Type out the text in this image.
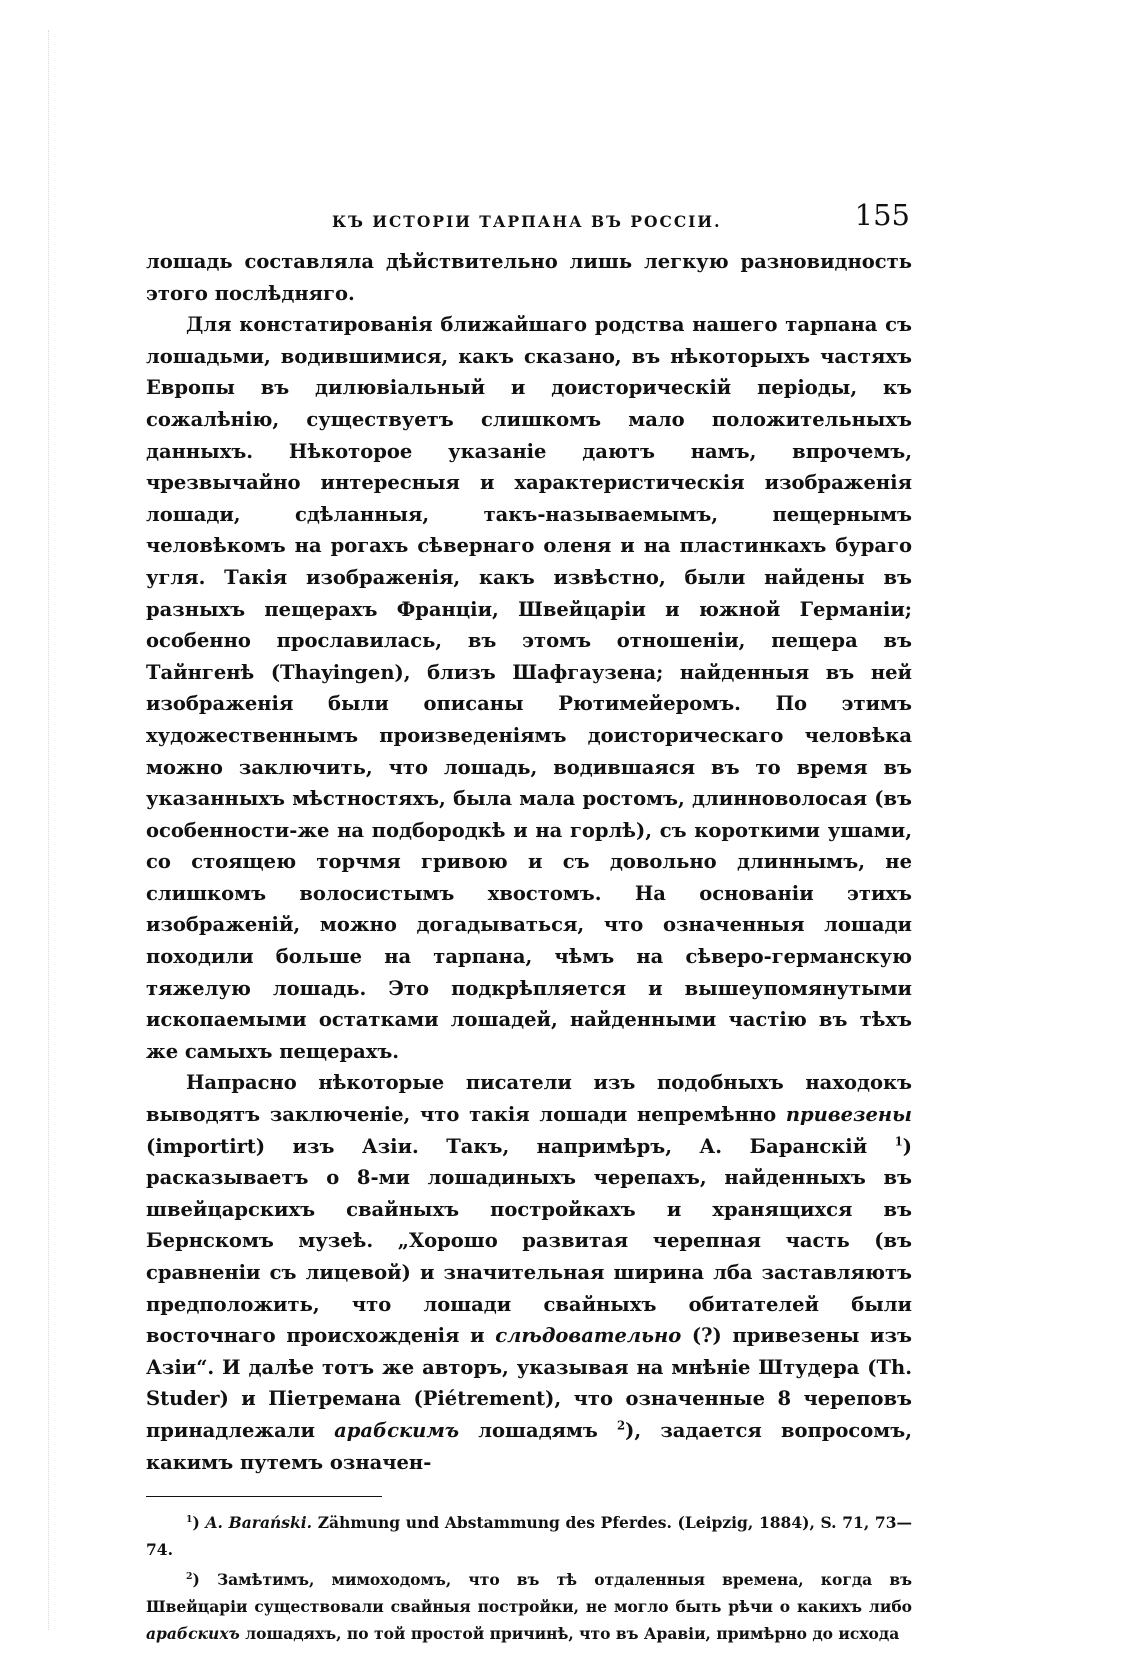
КЪ ИСТОРІИ ТАРПАНА ВЪ РОССІИ.	155

лошадь составляла дѣйствительно лишь легкую разновидность этого послѣдняго.

Для констатированія ближайшаго родства нашего тарпана съ лошадьми, водившимися, какъ сказано, въ нѣкоторыхъ частяхъ Европы въ дилювіальный и доисторическій періоды, къ сожалѣнію, существуетъ слишкомъ мало положительныхъ данныхъ. Нѣкоторое указаніе даютъ намъ, впрочемъ, чрезвычайно интересныя и характеристическія изображенія лошади, сдѣланныя, такъ-называемымъ, пещернымъ человѣкомъ на рогахъ сѣвернаго оленя и на пластинкахъ бураго угля. Такія изображенія, какъ извѣстно, были найдены въ разныхъ пещерахъ Франціи, Швейцаріи и южной Германіи; особенно прославилась, въ этомъ отношеніи, пещера въ Тайнгенѣ (Thayingen), близъ Шафгаузена; найденныя въ ней изображенія были описаны Рютимейеромъ. По этимъ художественнымъ произведеніямъ доисторическаго человѣка можно заключить, что лошадь, водившаяся въ то время въ указанныхъ мѣстностяхъ, была мала ростомъ, длинноволосая (въ особенности-же на подбородкѣ и на горлѣ), съ короткими ушами, со стоящею торчмя гривою и съ довольно длиннымъ, не слишкомъ волосистымъ хвостомъ. На основаніи этихъ изображеній, можно догадываться, что означенныя лошади походили больше на тарпана, чѣмъ на сѣверо-германскую тяжелую лошадь. Это подкрѣпляется и вышеупомянутыми ископаемыми остатками лошадей, найденными частію въ тѣхъ же самыхъ пещерахъ.

Напрасно нѣкоторые писатели изъ подобныхъ находокъ выводятъ заключеніе, что такія лошади непремѣнно привезены (importirt) изъ Азіи. Такъ, напримѣръ, А. Баранскій $^1$) расказываетъ о 8-ми лошадиныхъ черепахъ, найденныхъ въ швейцарскихъ свайныхъ постройкахъ и хранящихся въ Бернскомъ музеѣ. „Хорошо развитая черепная часть (въ сравненіи съ лицевой) и значительная ширина лба заставляютъ предположить, что лошади свайныхъ обитателей были восточнаго происхожденія и слѣдовательно (?) привезены изъ Азіи“. И далѣе тотъ же авторъ, указывая на мнѣніе Штудера (Th. Studer) и Піетремана (Piétrement), что означенные 8 череповъ принадлежали арабскимъ лошадямъ $^2$), задается вопросомъ, какимъ путемъ означен-

$^1$) A. Barański. Zähmung und Abstammung des Pferdes. (Leipzig, 1884), S. 71, 73—74.

$^2$) Замѣтимъ, мимоходомъ, что въ тѣ отдаленныя времена, когда въ Швейцаріи существовали свайныя постройки, не могло быть рѣчи о какихъ либо арабскихъ лошадяхъ, по той простой причинѣ, что въ Аравіи, примѣрно до исхода
